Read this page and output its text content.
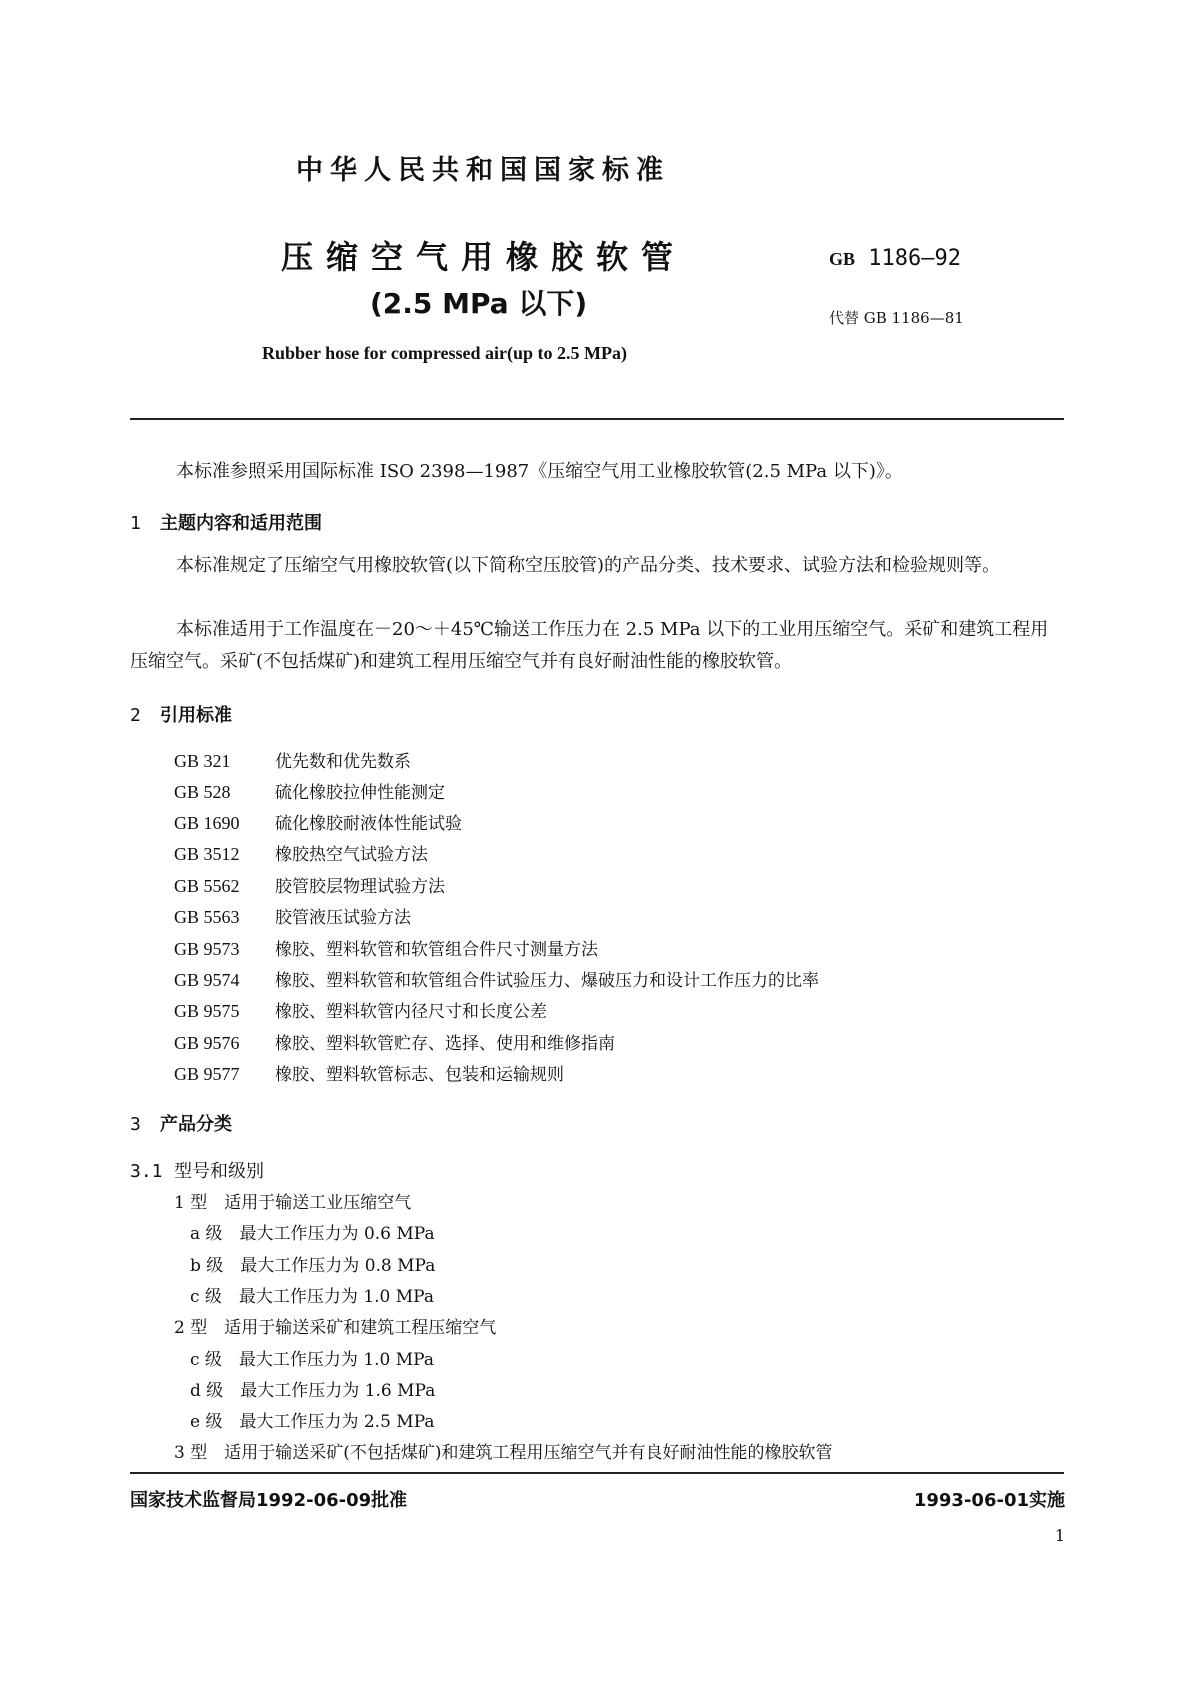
中华人民共和国国家标准
压缩空气用橡胶软管
(2.5 MPa 以下)
Rubber hose for compressed air(up to 2.5 MPa)
GB 1186—92
代替 GB 1186—81
本标准参照采用国际标准 ISO 2398—1987《压缩空气用工业橡胶软管(2.5 MPa 以下)》。
1 主题内容和适用范围
本标准规定了压缩空气用橡胶软管(以下简称空压胶管)的产品分类、技术要求、试验方法和检验规则等。
本标准适用于工作温度在－20～＋45℃输送工作压力在 2.5 MPa 以下的工业用压缩空气。采矿和建筑工程用压缩空气。采矿(不包括煤矿)和建筑工程用压缩空气并有良好耐油性能的橡胶软管。
2 引用标准
GB 321	优先数和优先数系
GB 528	硫化橡胶拉伸性能测定
GB 1690 硫化橡胶耐液体性能试验
GB 3512 橡胶热空气试验方法
GB 5562 胶管胶层物理试验方法
GB 5563 胶管液压试验方法
GB 9573 橡胶、塑料软管和软管组合件尺寸测量方法
GB 9574 橡胶、塑料软管和软管组合件试验压力、爆破压力和设计工作压力的比率
GB 9575 橡胶、塑料软管内径尺寸和长度公差
GB 9576 橡胶、塑料软管贮存、选择、使用和维修指南
GB 9577 橡胶、塑料软管标志、包装和运输规则
3 产品分类
3.1 型号和级别
1 型　适用于输送工业压缩空气
a 级　最大工作压力为 0.6 MPa
b 级　最大工作压力为 0.8 MPa
c 级　最大工作压力为 1.0 MPa
2 型　适用于输送采矿和建筑工程压缩空气
c 级　最大工作压力为 1.0 MPa
d 级　最大工作压力为 1.6 MPa
e 级　最大工作压力为 2.5 MPa
3 型　适用于输送采矿(不包括煤矿)和建筑工程用压缩空气并有良好耐油性能的橡胶软管
国家技术监督局1992-06-09批准	1993-06-01实施
1
